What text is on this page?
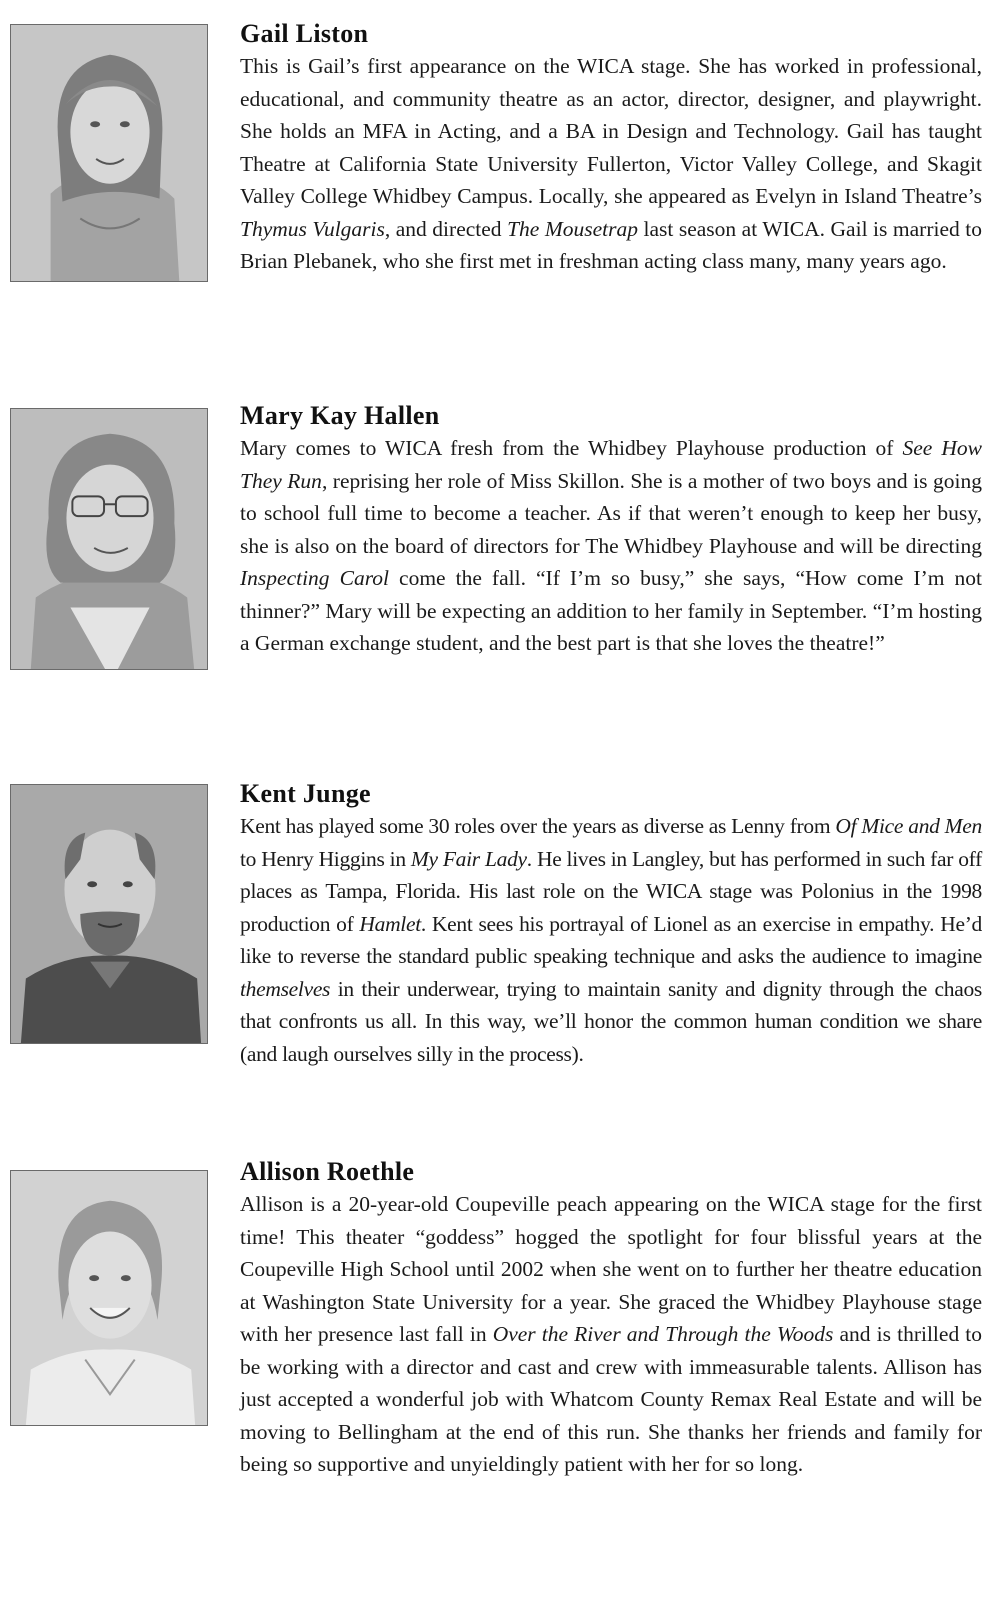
Gail Liston

This is Gail’s first appearance on the WICA stage. She has worked in professional, educational, and community theatre as an actor, director, designer, and playwright. She holds an MFA in Acting, and a BA in Design and Technology. Gail has taught Theatre at California State University Fullerton, Victor Valley College, and Skagit Valley College Whidbey Campus. Locally, she appeared as Evelyn in Island Theatre’s Thymus Vulgaris, and directed The Mousetrap last season at WICA. Gail is married to Brian Plebanek, who she first met in freshman acting class many, many years ago.

Mary Kay Hallen

Mary comes to WICA fresh from the Whidbey Playhouse production of See How They Run, reprising her role of Miss Skillon. She is a mother of two boys and is going to school full time to become a teacher. As if that weren’t enough to keep her busy, she is also on the board of directors for The Whidbey Playhouse and will be directing Inspecting Carol come the fall. “If I’m so busy,” she says, “How come I’m not thinner?” Mary will be expecting an addition to her family in September. “I’m hosting a German exchange student, and the best part is that she loves the theatre!”

Kent Junge

Kent has played some 30 roles over the years as diverse as Lenny from Of Mice and Men to Henry Higgins in My Fair Lady. He lives in Langley, but has performed in such far off places as Tampa, Florida. His last role on the WICA stage was Polonius in the 1998 production of Hamlet. Kent sees his portrayal of Lionel as an exercise in empathy. He’d like to reverse the standard public speaking technique and asks the audience to imagine themselves in their underwear, trying to maintain sanity and dignity through the chaos that confronts us all. In this way, we’ll honor the common human condition we share (and laugh ourselves silly in the process).

Allison Roethle

Allison is a 20-year-old Coupeville peach appearing on the WICA stage for the first time! This theater “goddess” hogged the spotlight for four blissful years at the Coupeville High School until 2002 when she went on to further her theatre education at Washington State University for a year. She graced the Whidbey Playhouse stage with her presence last fall in Over the River and Through the Woods and is thrilled to be working with a director and cast and crew with immeasurable talents. Allison has just accepted a wonderful job with Whatcom County Remax Real Estate and will be moving to Bellingham at the end of this run. She thanks her friends and family for being so supportive and unyieldingly patient with her for so long.
